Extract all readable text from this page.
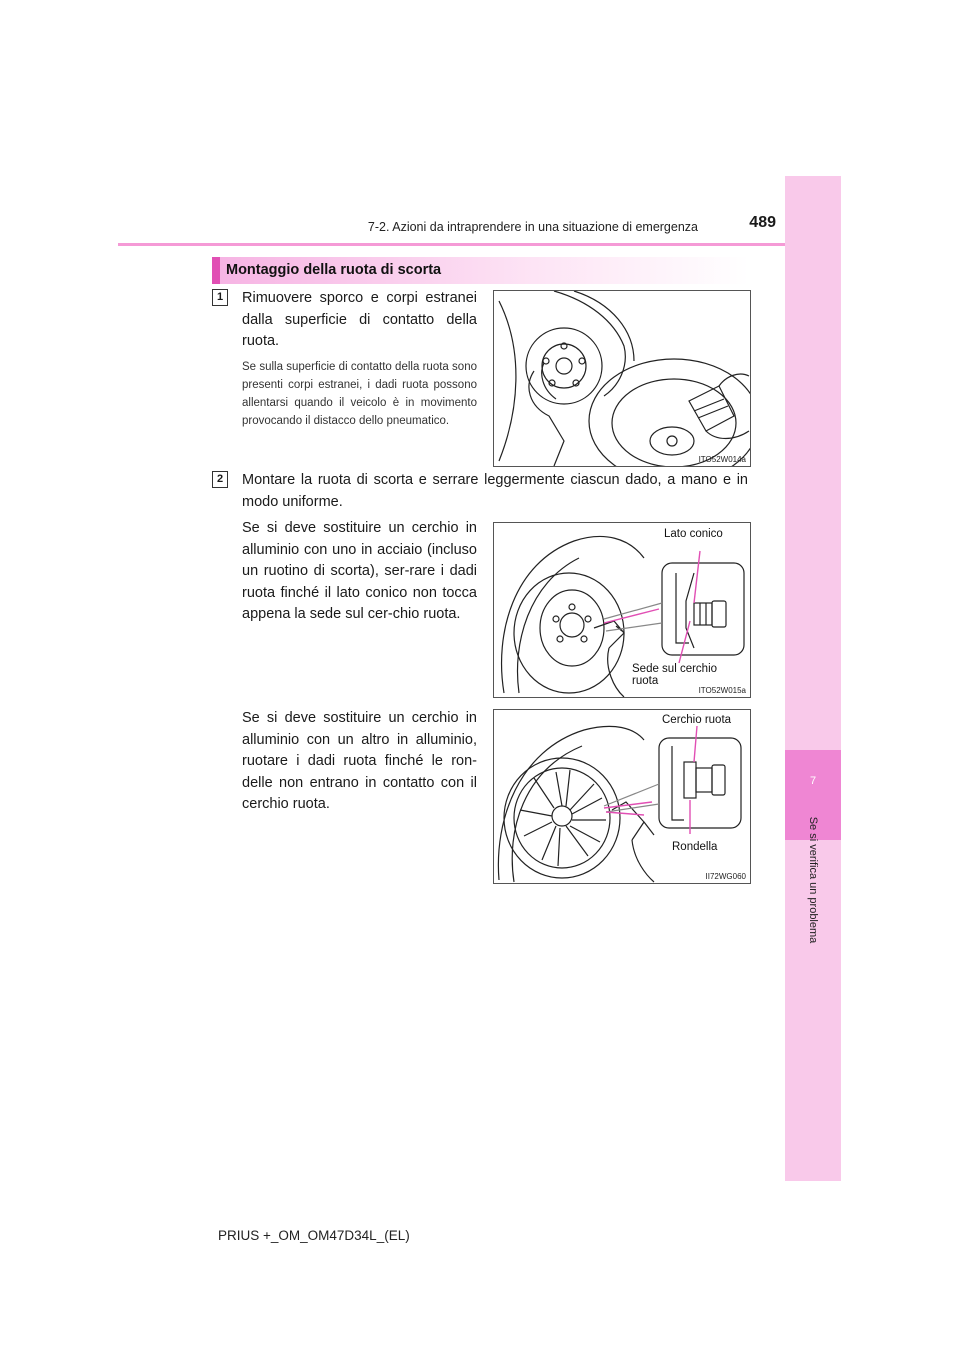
7
Se si verifica un problema
7-2. Azioni da intraprendere in una situazione di emergenza	489
Montaggio della ruota di scorta
1	Rimuovere sporco e corpi estranei dalla superficie di contatto della ruota.
Se sulla superficie di contatto della ruota sono presenti corpi estranei, i dadi ruota possono allentarsi quando il veicolo è in movimento provocando il distacco dello pneumatico.
ITO52W014a
2	Montare la ruota di scorta e serrare leggermente ciascun dado, a mano e in modo uniforme.
Se si deve sostituire un cerchio in alluminio con uno in acciaio (incluso un ruotino di scorta), ser-rare i dadi ruota finché il lato conico non tocca appena la sede sul cer-chio ruota.
Se si deve sostituire un cerchio in alluminio con un altro in alluminio, ruotare i dadi ruota finché le ron-delle non entrano in contatto con il cerchio ruota.
Lato conico
Sede sul cerchio
ruota
ITO52W015a
Cerchio ruota
Rondella
II72WG060
PRIUS +_OM_OM47D34L_(EL)
